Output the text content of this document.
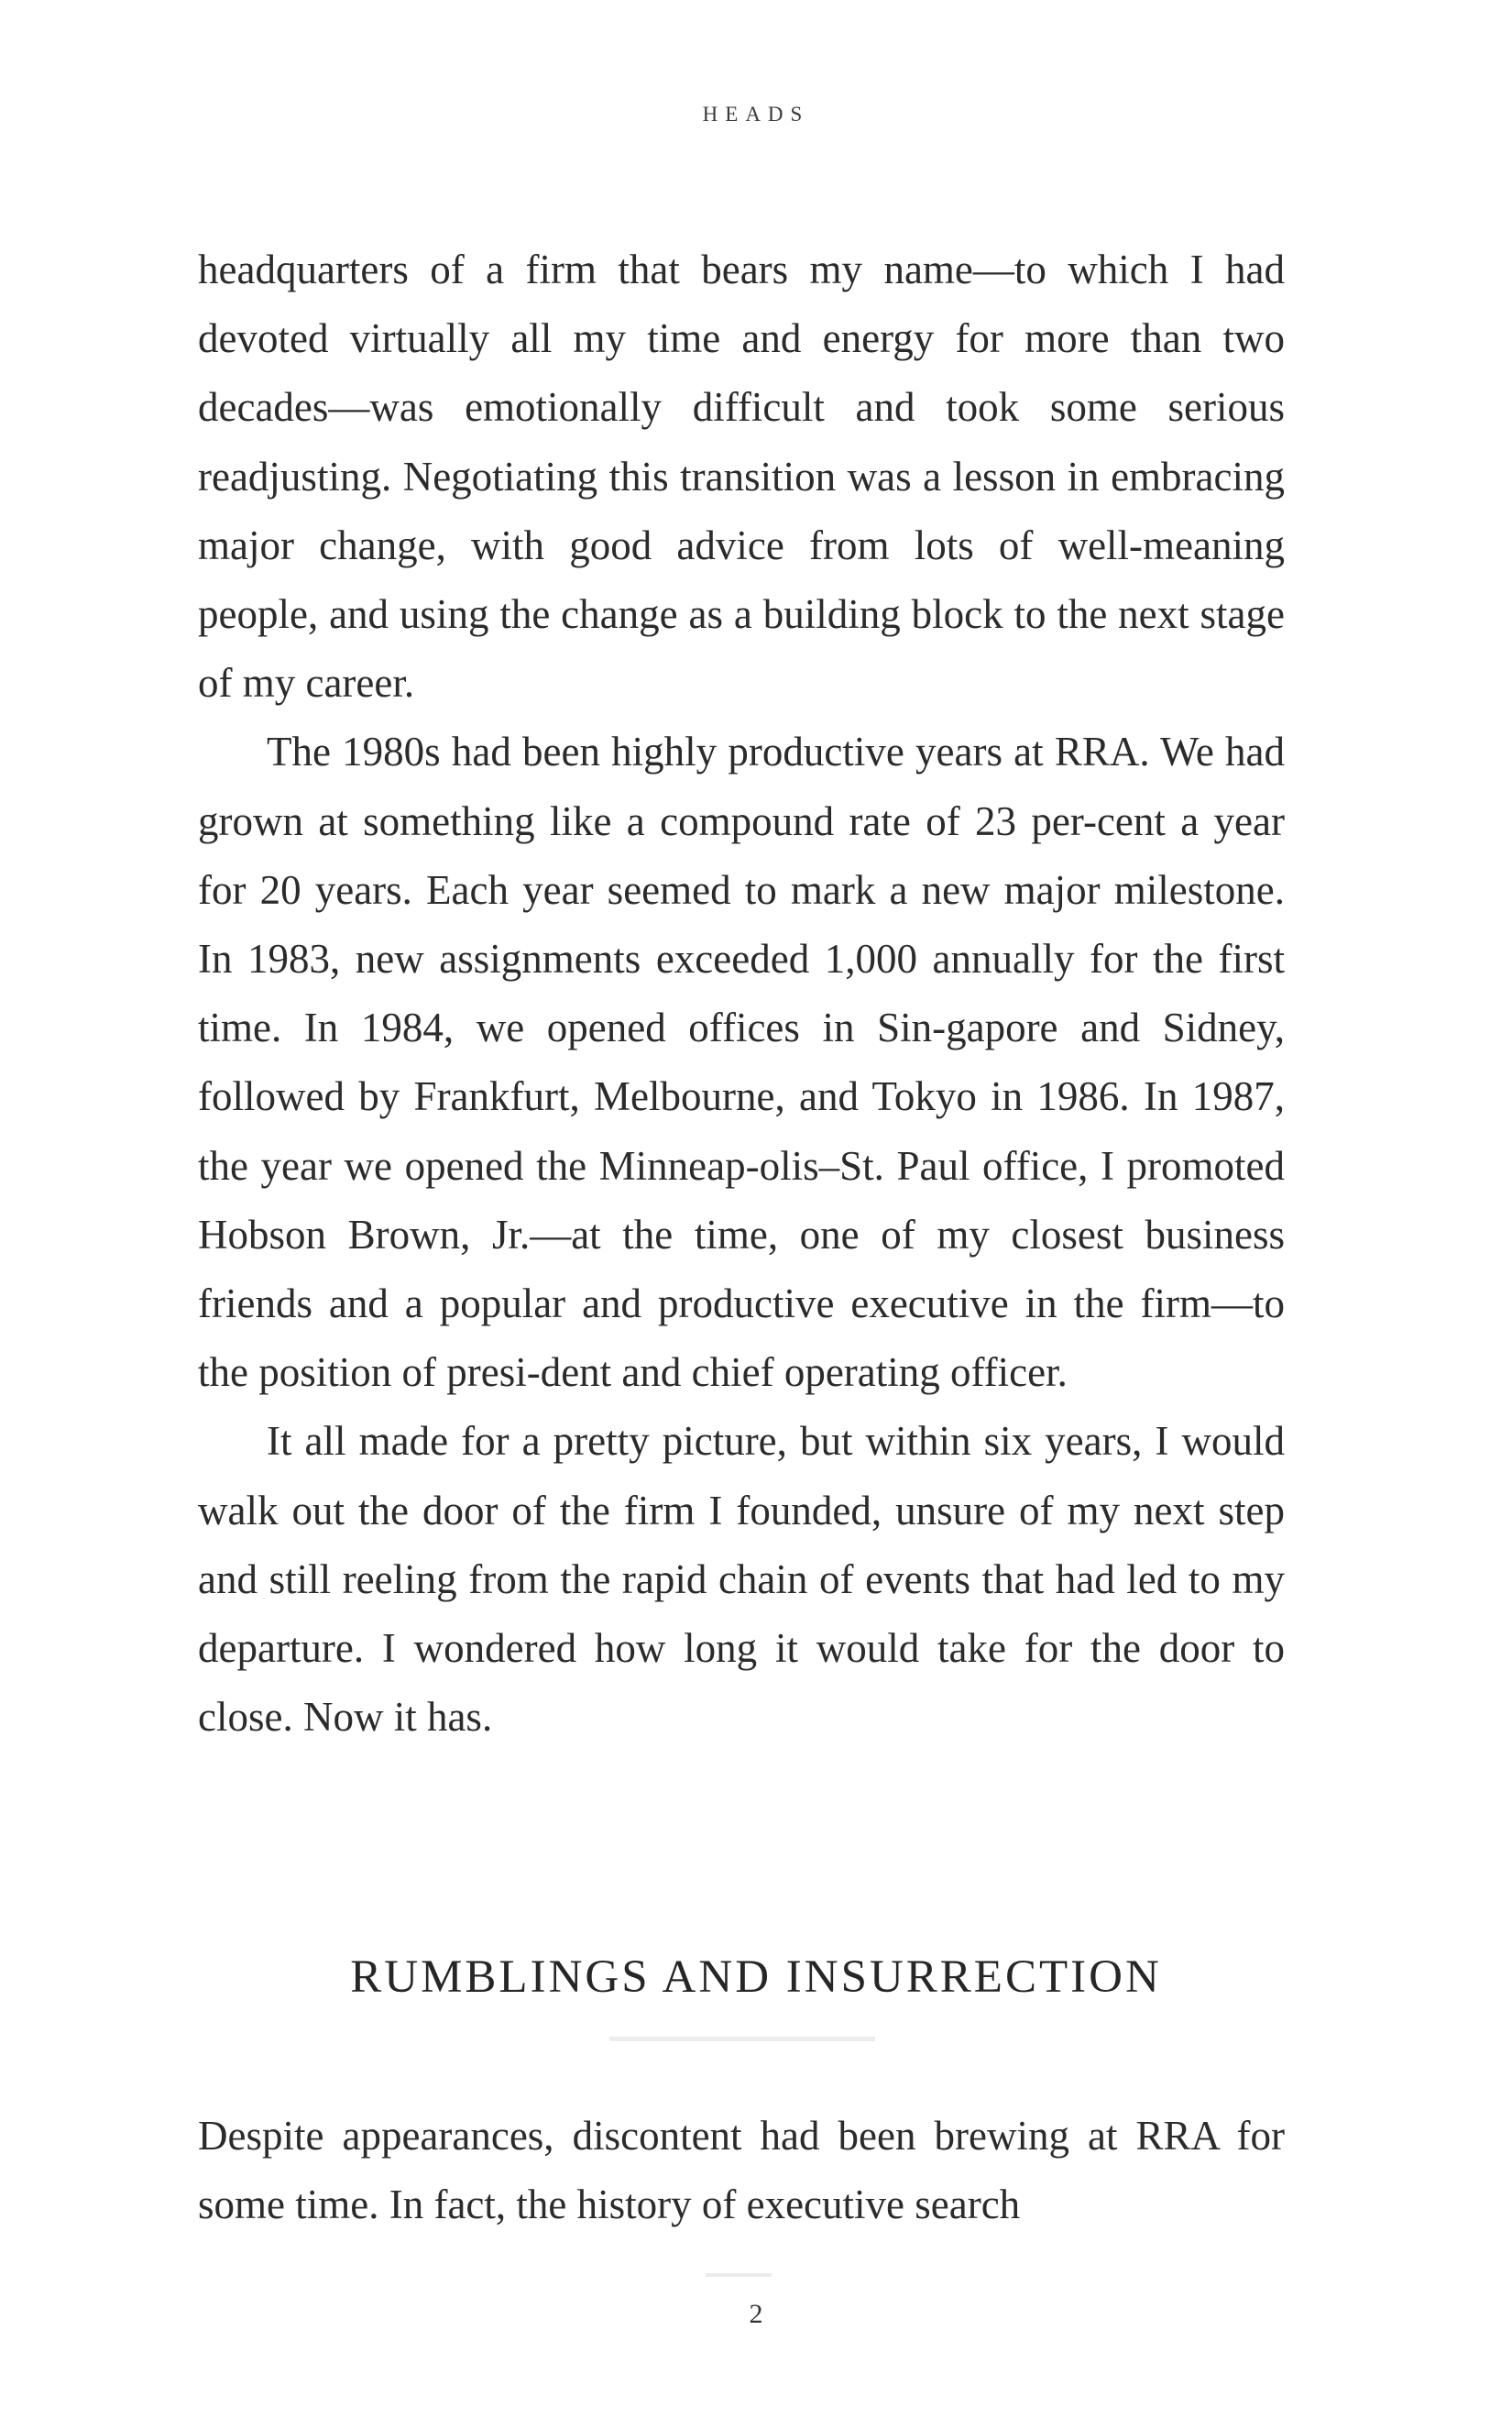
HEADS

headquarters of a firm that bears my name—to which I had devoted virtually all my time and energy for more than two decades—was emotionally difficult and took some serious readjusting. Negotiating this transition was a lesson in embracing major change, with good advice from lots of well-meaning people, and using the change as a building block to the next stage of my career.

The 1980s had been highly productive years at RRA. We had grown at something like a compound rate of 23 per-cent a year for 20 years. Each year seemed to mark a new major milestone. In 1983, new assignments exceeded 1,000 annually for the first time. In 1984, we opened offices in Sin-gapore and Sidney, followed by Frankfurt, Melbourne, and Tokyo in 1986. In 1987, the year we opened the Minneap-olis–St. Paul office, I promoted Hobson Brown, Jr.—at the time, one of my closest business friends and a popular and productive executive in the firm—to the position of presi-dent and chief operating officer.

It all made for a pretty picture, but within six years, I would walk out the door of the firm I founded, unsure of my next step and still reeling from the rapid chain of events that had led to my departure. I wondered how long it would take for the door to close. Now it has.

RUMBLINGS AND INSURRECTION

Despite appearances, discontent had been brewing at RRA for some time. In fact, the history of executive search

2
